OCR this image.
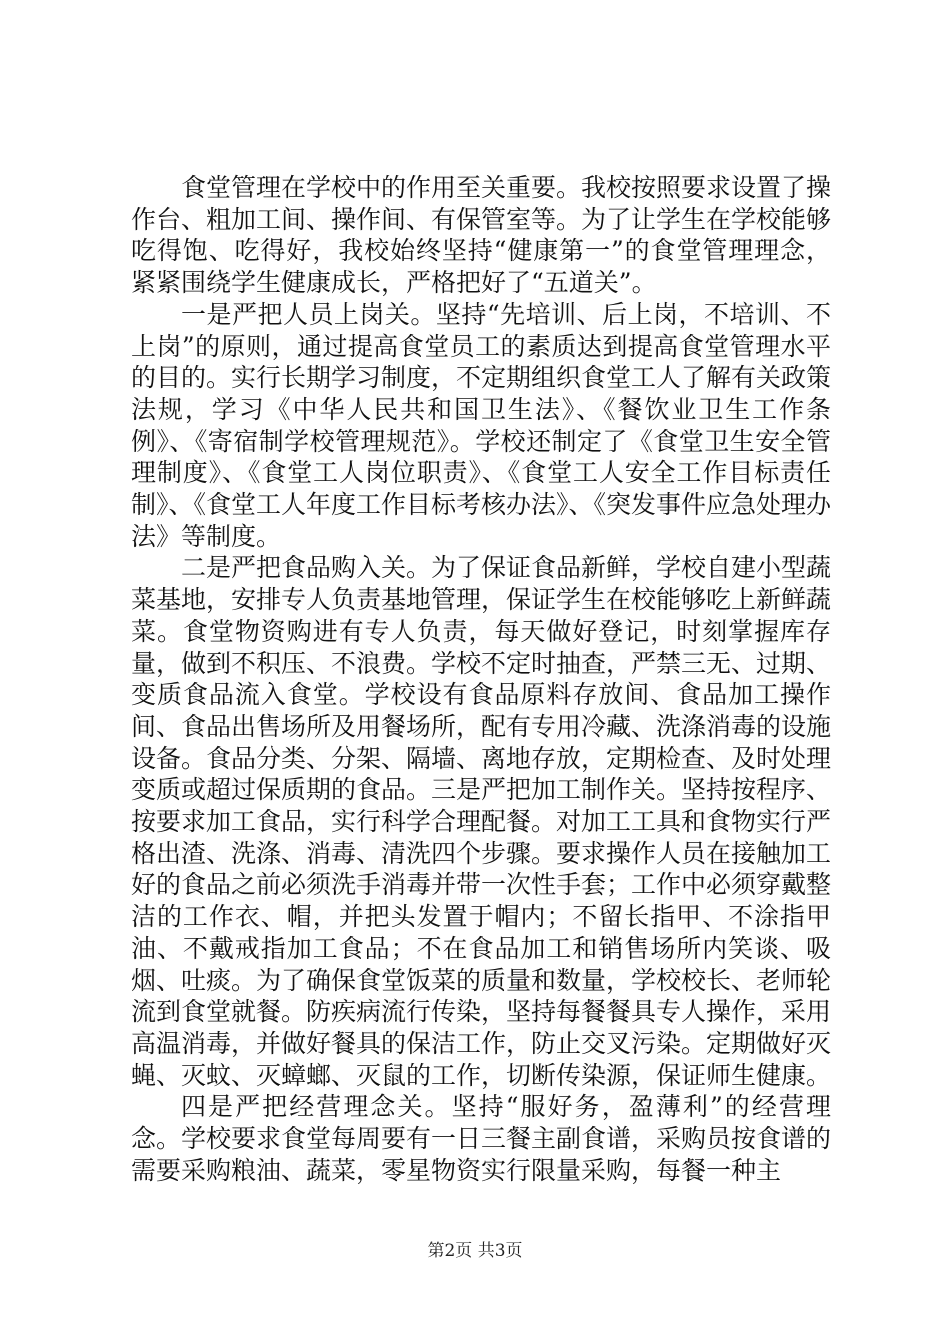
食堂管理在学校中的作用至关重要。我校按照要求设置了操作台、粗加工间、操作间、有保管室等。为了让学生在学校能够吃得饱、吃得好，我校始终坚持“健康第一”的食堂管理理念，紧紧围绕学生健康成长，严格把好了“五道关”。

一是严把人员上岗关。坚持“先培训、后上岗，不培训、不上岗”的原则，通过提高食堂员工的素质达到提高食堂管理水平的目的。实行长期学习制度，不定期组织食堂工人了解有关政策法规，学习《中华人民共和国卫生法》、《餐饮业卫生工作条例》、《寄宿制学校管理规范》。学校还制定了《食堂卫生安全管理制度》、《食堂工人岗位职责》、《食堂工人安全工作目标责任制》、《食堂工人年度工作目标考核办法》、《突发事件应急处理办法》等制度。

二是严把食品购入关。为了保证食品新鲜，学校自建小型蔬菜基地，安排专人负责基地管理，保证学生在校能够吃上新鲜蔬菜。食堂物资购进有专人负责，每天做好登记，时刻掌握库存量，做到不积压、不浪费。学校不定时抽查，严禁三无、过期、变质食品流入食堂。学校设有食品原料存放间、食品加工操作间、食品出售场所及用餐场所，配有专用冷藏、洗涤消毒的设施设备。食品分类、分架、隔墙、离地存放，定期检查、及时处理变质或超过保质期的食品。三是严把加工制作关。坚持按程序、按要求加工食品，实行科学合理配餐。对加工工具和食物实行严格出渣、洗涤、消毒、清洗四个步骤。要求操作人员在接触加工好的食品之前必须洗手消毒并带一次性手套；工作中必须穿戴整洁的工作衣、帽，并把头发置于帽内；不留长指甲、不涂指甲油、不戴戒指加工食品；不在食品加工和销售场所内笑谈、吸烟、吐痰。为了确保食堂饭菜的质量和数量，学校校长、老师轮流到食堂就餐。防疾病流行传染，坚持每餐餐具专人操作，采用高温消毒，并做好餐具的保洁工作，防止交叉污染。定期做好灭蝇、灭蚊、灭蟑螂、灭鼠的工作，切断传染源，保证师生健康。

四是严把经营理念关。坚持“服好务，盈薄利”的经营理念。学校要求食堂每周要有一日三餐主副食谱，采购员按食谱的需要采购粮油、蔬菜，零星物资实行限量采购，每餐一种主

第2页 共3页
